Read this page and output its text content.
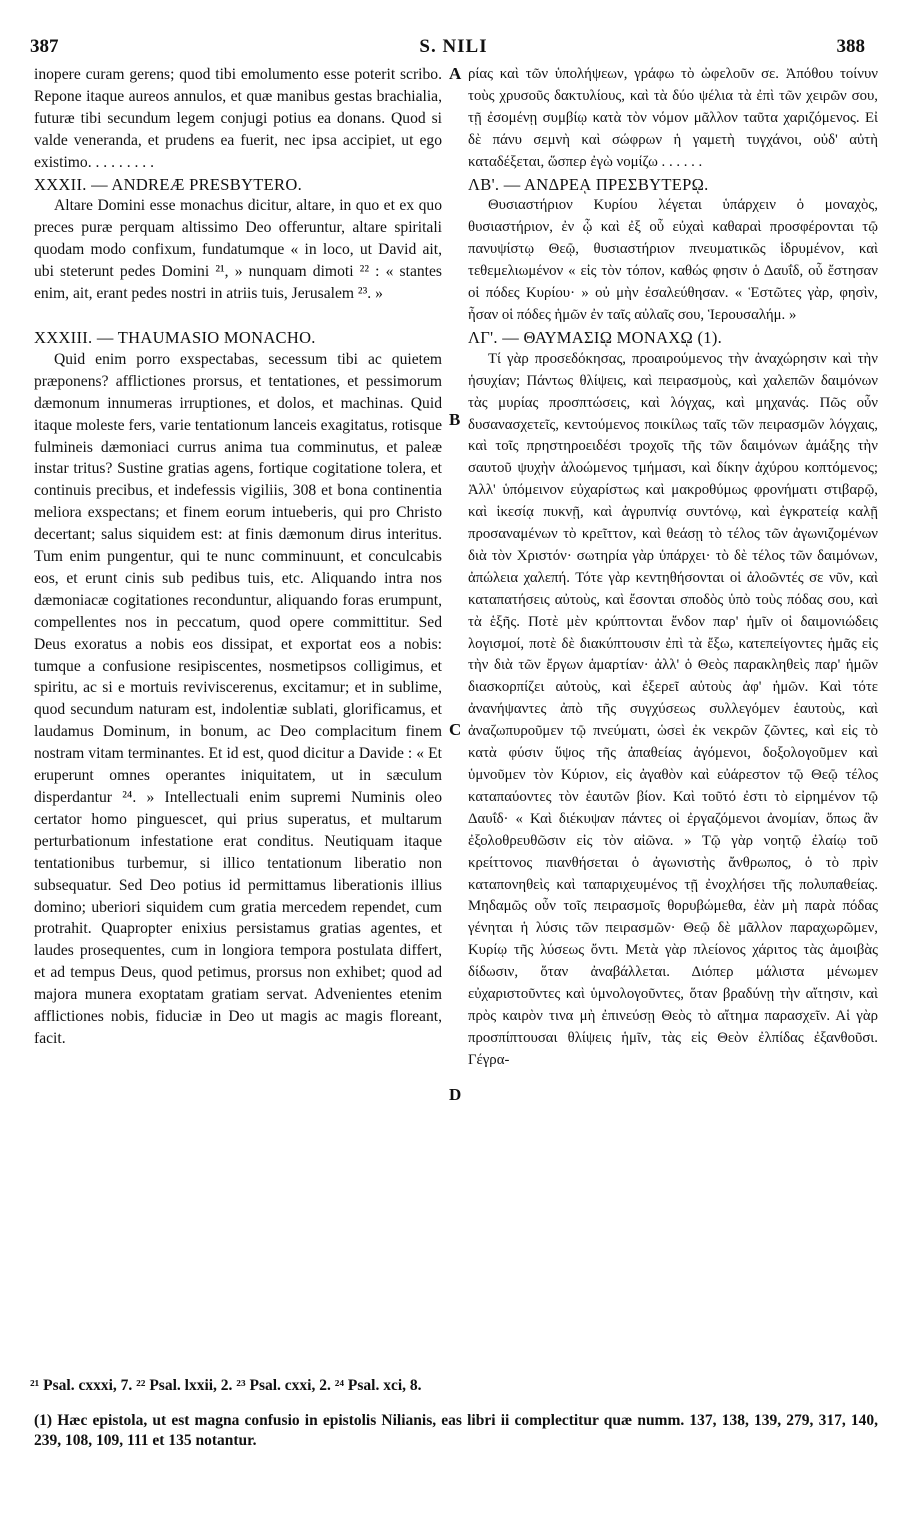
387	S. NILI	388

inopere curam gerens; quod tibi emolumento esse poterit scribo. Repone itaque aureos annulos, et quæ manibus gestas brachialia, futuræ tibi secundum legem conjugi potius ea donans. Quod si valde veneranda, et prudens ea fuerit, nec ipsa accipiet, ut ego existimo. . . . . . . . .

XXXII. — ANDREÆ PRESBYTERO.

Altare Domini esse monachus dicitur, altare, in quo et ex quo preces puræ perquam altissimo Deo offeruntur, altare spiritali quodam modo confixum, fundatumque « in loco, ut David ait, ubi steterunt pedes Domini ²¹, » nunquam dimoti ²² : « stantes enim, ait, erant pedes nostri in atriis tuis, Jerusalem ²³. »

XXXIII. — THAUMASIO MONACHO.

Quid enim porro exspectabas, secessum tibi ac quietem præponens? afflictiones prorsus, et tentationes, et pessimorum dæmonum innumeras irruptiones, et dolos, et machinas. Quid itaque moleste fers, varie tentationum lanceis exagitatus, rotisque fulmineis dæmoniaci currus anima tua comminutus, et paleæ instar tritus? Sustine gratias agens, fortique cogitatione tolera, et continuis precibus, et indefessis vigiliis, 308 et bona continentia meliora exspectans; et finem eorum intueberis, qui pro Christo decertant; salus siquidem est: at finis dæmonum dirus interitus. Tum enim pungentur, qui te nunc comminuunt, et conculcabis eos, et erunt cinis sub pedibus tuis, etc. Aliquando intra nos dæmoniacæ cogitationes reconduntur, aliquando foras erumpunt, compellentes nos in peccatum, quod opere committitur. Sed Deus exoratus a nobis eos dissipat, et exportat eos a nobis: tumque a confusione resipiscentes, nosmetipsos colligimus, et spiritu, ac si e mortuis reviviscerenus, excitamur; et in sublime, quod secundum naturam est, indolentiæ sublati, glorificamus, et laudamus Dominum, in bonum, ac Deo complacitum finem nostram vitam terminantes. Et id est, quod dicitur a Davide : « Et eruperunt omnes operantes iniquitatem, ut in sæculum disperdantur ²⁴. » Intellectuali enim supremi Numinis oleo certator homo pinguescet, qui prius superatus, et multarum perturbationum infestatione erat conditus. Neutiquam itaque tentationibus turbemur, si illico tentationum liberatio non subsequatur. Sed Deo potius id permittamus liberationis illius domino; uberiori siquidem cum gratia mercedem rependet, cum protrahit. Quapropter enixius persistamus gratias agentes, et laudes prosequentes, cum in longiora tempora postulata differt, et ad tempus Deus, quod petimus, prorsus non exhibet; quod ad majora munera exoptatam gratiam servat. Advenientes etenim afflictiones nobis, fiduciæ in Deo ut magis ac magis floreant, facit.

ρίας καὶ τῶν ὑπολήψεων, γράφω τὸ ὠφελοῦν σε. Ἀπόθου τοίνυν τοὺς χρυσοῦς δακτυλίους, καὶ τὰ δύο ψέλια τὰ ἐπὶ τῶν χειρῶν σου, τῇ ἐσομένῃ συμβίῳ κατὰ τὸν νόμον μᾶλλον ταῦτα χαριζόμενος. Εἰ δὲ πάνυ σεμνὴ καὶ σώφρων ἡ γαμετὴ τυγχάνοι, οὐδ' αὐτὴ καταδέξεται, ὥσπερ ἐγὼ νομίζω . . . . . .

ΛΒ'. — ΑΝΔΡΕᾼ ΠΡΕΣΒΥΤΕΡῼ.

Θυσιαστήριον Κυρίου λέγεται ὑπάρχειν ὁ μοναχὸς, θυσιαστήριον, ἐν ᾧ καὶ ἐξ οὗ εὐχαὶ καθαραὶ προσφέρονται τῷ πανυψίστῳ Θεῷ, θυσιαστήριον πνευματικῶς ἱδρυμένον, καὶ τεθεμελιωμένον « εἰς τὸν τόπον, καθώς φησιν ὁ Δαυΐδ, οὗ ἔστησαν οἱ πόδες Κυρίου· » οὐ μὴν ἐσαλεύθησαν. « Ἑστῶτες γὰρ, φησὶν, ἦσαν οἱ πόδες ἡμῶν ἐν ταῖς αὐλαῖς σου, Ἱερουσαλήμ. »

ΛΓ'. — ΘΑΥΜΑΣΙῼ ΜΟΝΑΧῼ (1).

Τί γὰρ προσεδόκησας, προαιρούμενος τὴν ἀναχώρησιν καὶ τὴν ἡσυχίαν; Πάντως θλίψεις, καὶ πειρασμοὺς, καὶ χαλεπῶν δαιμόνων τὰς μυρίας προσπτώσεις, καὶ λόγχας, καὶ μηχανάς. Πῶς οὖν δυσανασχετεῖς, κεντούμενος ποικίλως ταῖς τῶν πειρασμῶν λόγχαις, καὶ τοῖς πρηστηροειδέσι τροχοῖς τῆς τῶν δαιμόνων ἁμάξης τὴν σαυτοῦ ψυχὴν ἀλοώμενος τμήμασι, καὶ δίκην ἀχύρου κοπτόμενος; Ἀλλ' ὑπόμεινον εὐχαρίστως καὶ μακροθύμως φρονήματι στιβαρῷ, καὶ ἱκεσίᾳ πυκνῇ, καὶ ἀγρυπνίᾳ συντόνῳ, καὶ ἐγκρατείᾳ καλῇ προσαναμένων τὸ κρεῖττον, καὶ θεάσῃ τὸ τέλος τῶν ἀγωνιζομένων διὰ τὸν Χριστόν· σωτηρία γὰρ ὑπάρχει· τὸ δὲ τέλος τῶν δαιμόνων, ἀπώλεια χαλεπή. Τότε γὰρ κεντηθήσονται οἱ ἀλοῶντές σε νῦν, καὶ καταπατήσεις αὐτοὺς, καὶ ἔσονται σποδὸς ὑπὸ τοὺς πόδας σου, καὶ τὰ ἑξῆς. Ποτὲ μὲν κρύπτονται ἔνδον παρ' ἡμῖν οἱ δαιμονιώδεις λογισμοί, ποτὲ δὲ διακύπτουσιν ἐπὶ τὰ ἔξω, κατεπείγοντες ἡμᾶς εἰς τὴν διὰ τῶν ἔργων ἁμαρτίαν· ἀλλ' ὁ Θεὸς παρακληθεὶς παρ' ἡμῶν διασκορπίζει αὐτοὺς, καὶ ἐξερεῖ αὐτοὺς ἀφ' ἡμῶν. Καὶ τότε ἀνανήψαντες ἀπὸ τῆς συγχύσεως συλλεγόμεν ἑαυτοὺς, καὶ ἀναζωπυροῦμεν τῷ πνεύματι, ὡσεὶ ἐκ νεκρῶν ζῶντες, καὶ εἰς τὸ κατὰ φύσιν ὕψος τῆς ἀπαθείας ἀγόμενοι, δοξολογοῦμεν καὶ ὑμνοῦμεν τὸν Κύριον, εἰς ἀγαθὸν καὶ εὐάρεστον τῷ Θεῷ τέλος καταπαύοντες τὸν ἑαυτῶν βίον. Καὶ τοῦτό ἐστι τὸ εἰρημένον τῷ Δαυΐδ· « Καὶ διέκυψαν πάντες οἱ ἐργαζόμενοι ἀνομίαν, ὅπως ἂν ἐξολοθρευθῶσιν εἰς τὸν αἰῶνα. » Τῷ γὰρ νοητῷ ἐλαίῳ τοῦ κρείττονος πιανθήσεται ὁ ἀγωνιστὴς ἄνθρωπος, ὁ τὸ πρὶν καταπονηθεὶς καὶ ταπαριχευμένος τῇ ἐνοχλήσει τῆς πολυπαθείας. Μηδαμῶς οὖν τοῖς πειρασμοῖς θορυβώμεθα, ἐὰν μὴ παρὰ πόδας γένηται ἡ λύσις τῶν πειρασμῶν· Θεῷ δὲ μᾶλλον παραχωρῶμεν, Κυρίῳ τῆς λύσεως ὄντι. Μετὰ γὰρ πλείονος χάριτος τὰς ἀμοιβὰς δίδωσιν, ὅταν ἀναβάλλεται. Διόπερ μάλιστα μένωμεν εὐχαριστοῦντες καὶ ὑμνολογοῦντες, ὅταν βραδύνῃ τὴν αἴτησιν, καὶ πρὸς καιρὸν τινα μὴ ἐπινεύσῃ Θεὸς τὸ αἴτημα παρασχεῖν. Αἱ γὰρ προσπίπτουσαι θλίψεις ἡμῖν, τὰς εἰς Θεὸν ἐλπίδας ἐξανθοῦσι. Γέγρα-

A
B
C
D
²¹ Psal. cxxxi, 7. ²² Psal. lxxii, 2. ²³ Psal. cxxi, 2. ²⁴ Psal. xci, 8.
(1) Hæc epistola, ut est magna confusio in epistolis Nilianis, eas libri ii complectitur quæ numm. 137, 138, 139, 279, 317, 140, 239, 108, 109, 111 et 135 notantur.
